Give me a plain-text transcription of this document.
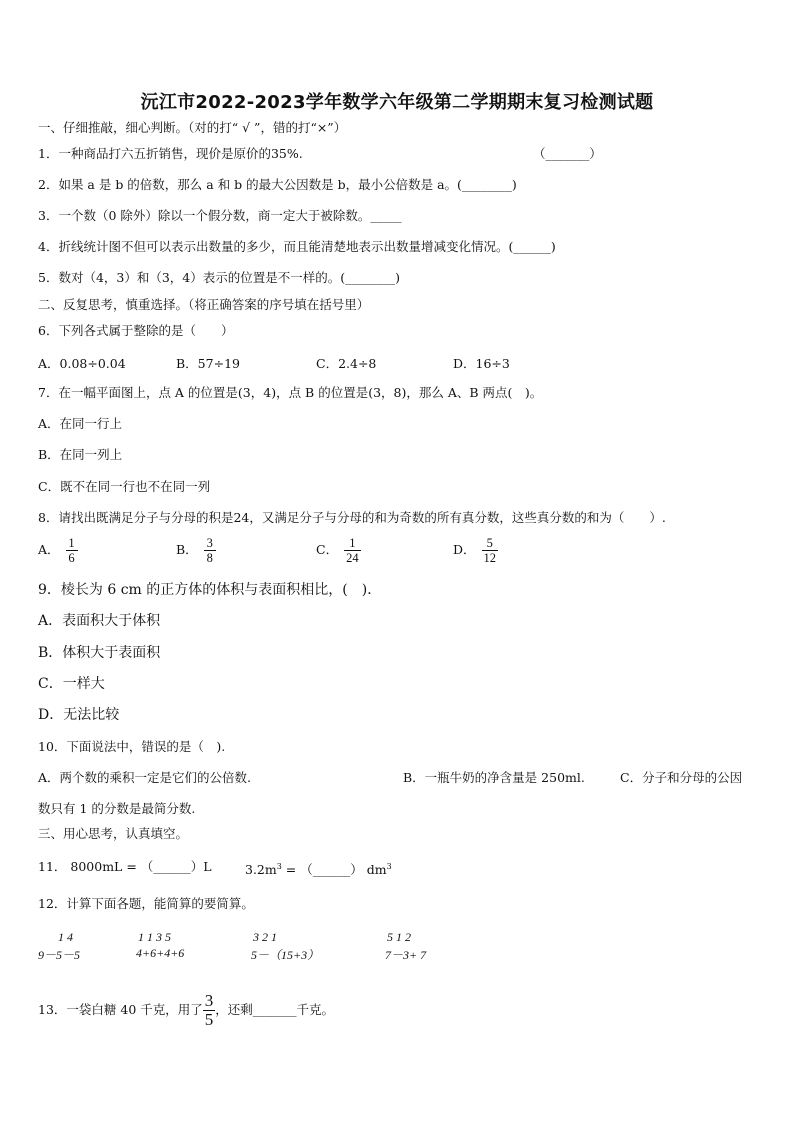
沅江市2022-2023学年数学六年级第二学期期末复习检测试题
一、仔细推敲，细心判断。（对的打“ √ ”，错的打“×”）
1．一种商品打六五折销售，现价是原价的35%.	（_______）
2．如果 a 是 b 的倍数，那么 a 和 b 的最大公因数是 b，最小公倍数是 a。(________)
3．一个数（0 除外）除以一个假分数，商一定大于被除数。_____
4．折线统计图不但可以表示出数量的多少，而且能清楚地表示出数量增减变化情况。(______)
5．数对（4，3）和（3，4）表示的位置是不一样的。(________)
二、反复思考，慎重选择。（将正确答案的序号填在括号里）
6．下列各式属于整除的是（　　）
A．0.08÷0.04	B．57÷19	C．2.4÷8	D．16÷3
7．在一幅平面图上，点 A 的位置是(3，4)，点 B 的位置是(3，8)，那么 A、B 两点(　)。
A．在同一行上
B．在同一列上
C．既不在同一行也不在同一列
8．请找出既满足分子与分母的积是24，又满足分子与分母的和为奇数的所有真分数，这些真分数的和为（　　）.
A． $\frac{1}{6}$	B． $\frac{3}{8}$	C． $\frac{1}{24}$	D． $\frac{5}{12}$
9．棱长为 6 cm 的正方体的体积与表面积相比，(　)．
A．表面积大于体积
B．体积大于表面积
C．一样大
D．无法比较
10．下面说法中，错误的是（　).
A．两个数的乘积一定是它们的公倍数.	B．一瓶牛奶的净含量是 250ml.	C．分子和分母的公因
数只有 1 的分数是最简分数.
三、用心思考，认真填空。
11． 8000mL = （______）L	$3.2m^3$ = （______） $dm^3$
12．计算下面各题，能简算的要简算。
1 4
9－5－5
1 1 3 5
4+6+4+6
3 2 1
5－（15+3）
5 1 2
7－3+ 7
13．一袋白糖 40 千克，用了 $\frac{3}{5}$ ，还剩_______千克。
